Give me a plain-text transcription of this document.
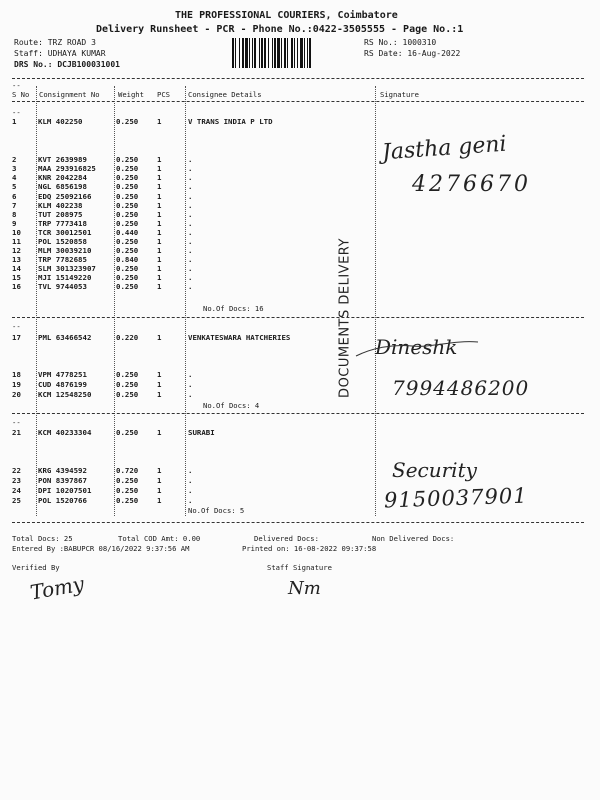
THE PROFESSIONAL COURIERS, Coimbatore
Delivery Runsheet - PCR - Phone No.:0422-3505555 - Page No.:1
Route: TRZ ROAD 3
Staff: UDHAYA KUMAR
DRS No.: DCJB100031001
RS No.: 1000310
RS Date: 16-Aug-2022
--
S No Consignment No	Weight PCS	Consignee Details	Signature
--
1	KLM 402250	0.250	1	V TRANS INDIA P LTD
2	KVT 2639989	0.250	1	.
3	MAA 293916825	0.250	1	.
4	KNR 2042284	0.250	1	.
5	NGL 6856198	0.250	1	.
6	EDQ 25092166	0.250	1	.
7	KLM 402238	0.250	1	.
8	TUT 208975	0.250	1	.
9	TRP 7773418	0.250	1	.
10 TCR 30012501	0.440	1	.
11 POL 1520858	0.250	1	.
12 MLM 30039210	0.250	1	.
13 TRP 7782685	0.840	1	.
14 SLM 301323907	0.250	1	.
15 MJI 15149220	0.250	1	.
16 TVL 9744053	0.250	1	.
No.Of Docs: 16
--
17 PML 63466542	0.220	1	VENKATESWARA HATCHERIES
18 VPM 4778251	0.250	1	.
19 CUD 4876199	0.250	1	.
20 KCM 12548250	0.250	1	.
No.Of Docs: 4
--
21 KCM 40233304	0.250	1	SURABI
22 KRG 4394592	0.720	1	.
23 PON 8397867	0.250	1	.
24 DPI 10207501	0.250	1	.
25 POL 1520766	0.250	1	.
No.Of Docs: 5
DOCUMENTS DELIVERY
Jastha geni
4276670
Dineshk
7994486200
Security
9150037901
Total Docs: 25	Total COD Amt: 0.00	Delivered Docs:	Non Delivered Docs:
Entered By :BABUPCR 08/16/2022 9:37:56 AM	Printed on: 16-08-2022 09:37:58
Verified By	Staff Signature
Tomy	Nm
